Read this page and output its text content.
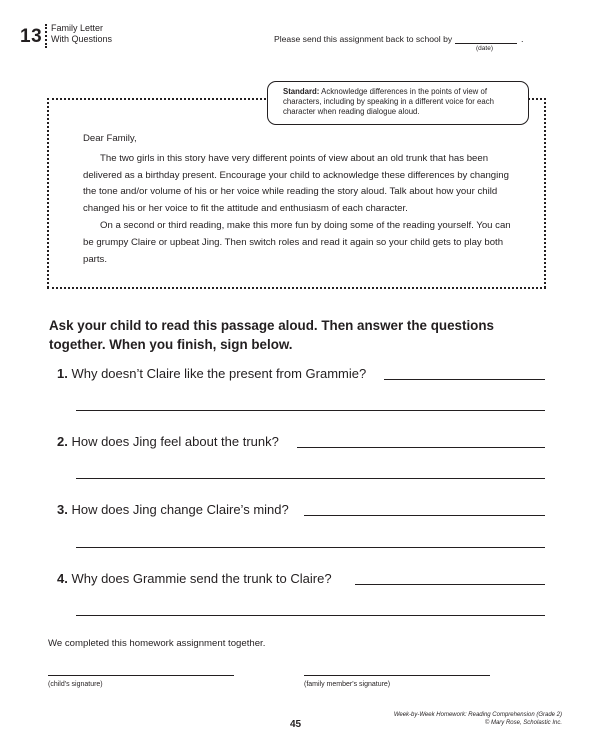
13 Family Letter
With Questions	Please send this assignment back to school by	.
(date)
Standard: Acknowledge differences in the points of view of characters, including by speaking in a different voice for each character when reading dialogue aloud.

Dear Family,

The two girls in this story have very different points of view about an old trunk that has been delivered as a birthday present. Encourage your child to acknowledge these differences by changing the tone and/or volume of his or her voice while reading the story aloud. Talk about how your child changed his or her voice to fit the attitude and enthusiasm of each character.

On a second or third reading, make this more fun by doing some of the reading yourself. You can be grumpy Claire or upbeat Jing. Then switch roles and read it again so your child gets to play both parts.

Ask your child to read this passage aloud. Then answer the questions together. When you finish, sign below.
1. Why doesn’t Claire like the present from Grammie?
2. How does Jing feel about the trunk?
3. How does Jing change Claire’s mind?
4. Why does Grammie send the trunk to Claire?
We completed this homework assignment together.
(child's signature)	(family member's signature)
45
Week-by-Week Homework: Reading Comprehension (Grade 2)
© Mary Rose, Scholastic Inc.
